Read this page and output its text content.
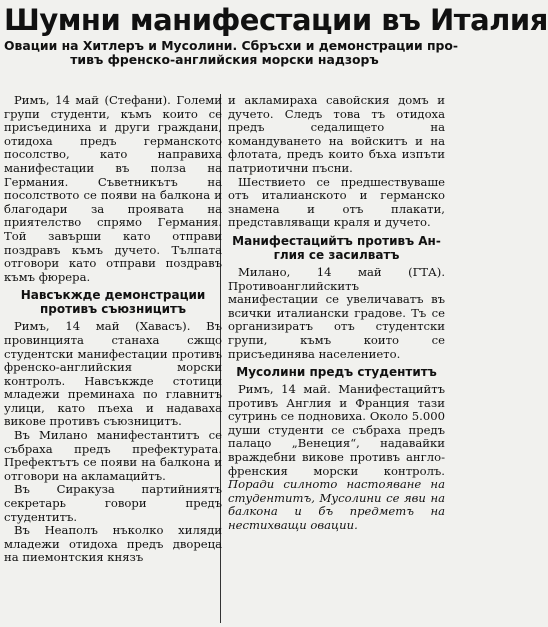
Шумни манифестации въ Италия
Овации на Хитлеръ и Мусолини. Сбръсхи и демонстрации про-
тивъ френско-английския морски надзоръ

Римъ, 14 май (Стефани). Големи групи студенти, къмъ които се присъединиха и други граждани, отидоха предъ германското посолство, като направиха манифестации въ полза на Германия. Съветникътъ на посолството се появи на балкона и благодари за проявата на приятелство спрямо Германия. Той завърши като отправи поздравъ къмъ дучето. Тълпата отговори като отправи поздравъ къмъ фюрера.

Навсъкжде демонстрации
противъ съюзницитъ

Римъ, 14 май (Хавасъ). Въ провинцията станаха сжщо студентски манифестации противъ френско-английския морски контролъ. Навсъкжде стотици младежи преминаха по главнитъ улици, като пъеха и надаваха викове противъ съюзницитъ.

Въ Милано манифестантитъ се събраха предъ префектурата. Префектътъ се появи на балкона и отговори на акламацийтъ.

Въ Сиракуза партийниятъ секретарь говори предъ студентитъ.

Въ Неаполъ нъколко хиляди младежи отидоха предъ двореца на пиемонтския князъ

и акламираха савойския домъ и дучето. Следъ това тъ отидоха предъ седалището на командуването на войскитъ и на флотата, предъ които бъха изпъти патриотични пъсни.

Шествието се предшествуваше отъ италианското и германско знамена и отъ плакати, представляващи краля и дучето.

Манифестацийтъ противъ Ан-
глия се засилватъ

Милано, 14 май (ГТА). Противоанглийскитъ манифестации се увеличаватъ въ всички италиански градове. Тъ се организиратъ отъ студентски групи, къмъ които се присъединява населението.

Мусолини предъ студентитъ

Римъ, 14 май. Манифестацийтъ противъ Англия и Франция тази сутринь се подновиха. Около 5.000 души студенти се събраха предъ палацо „Венеция“, надавайки враждебни викове противъ англо-френския морски контролъ. Поради силното настояване на студентитъ, Мусолини се яви на балкона и бъ предметъ на нестихващи овации.
